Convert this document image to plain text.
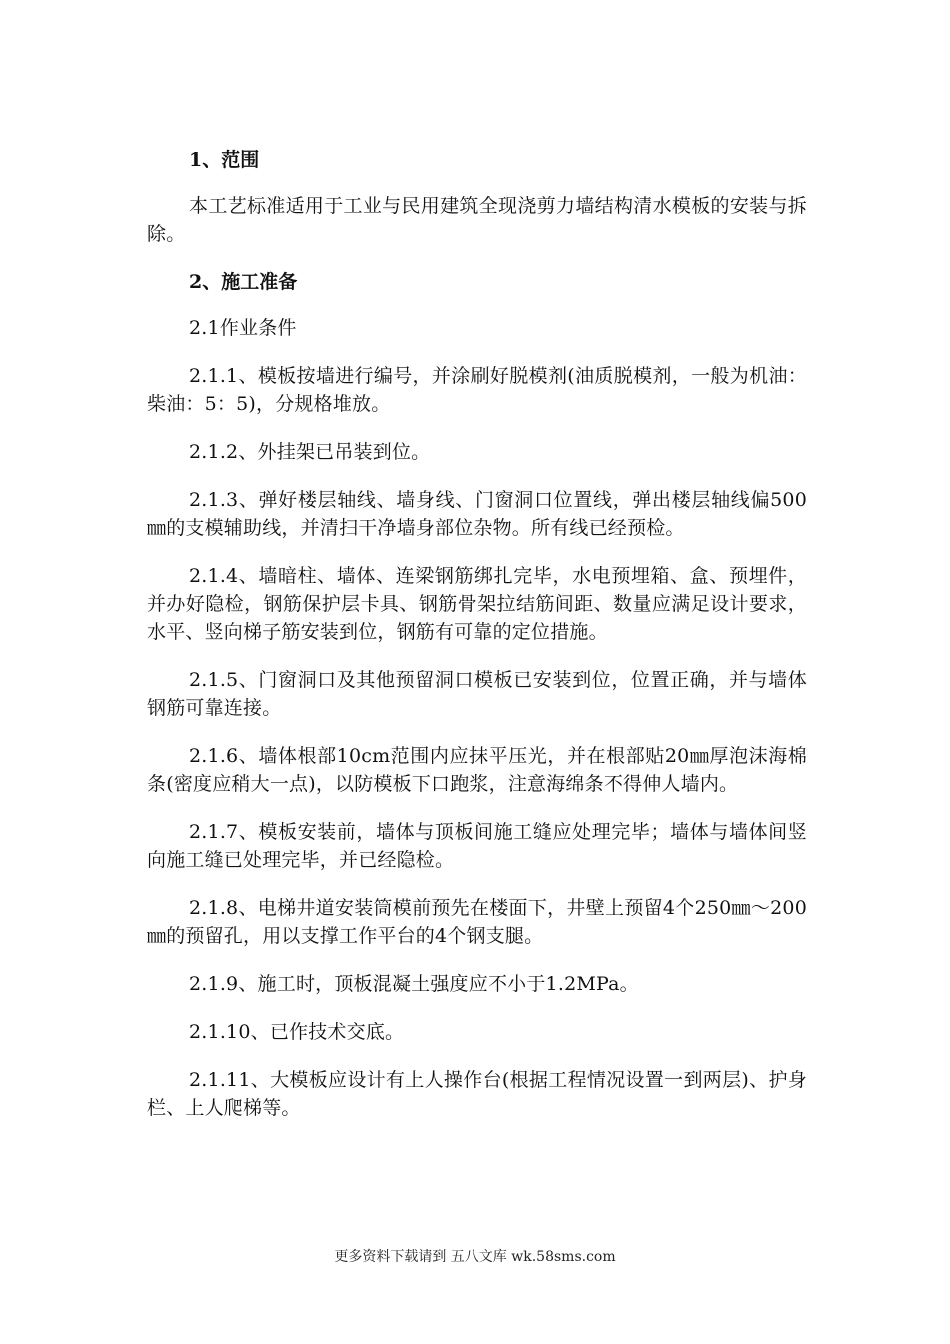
1、范围
本工艺标准适用于工业与民用建筑全现浇剪力墙结构清水模板的安装与拆除。
2、施工准备
2.1作业条件
2.1.1、模板按墙进行编号，并涂刷好脱模剂(油质脱模剂，一般为机油：柴油：5：5)，分规格堆放。
2.1.2、外挂架已吊装到位。
2.1.3、弹好楼层轴线、墙身线、门窗洞口位置线，弹出楼层轴线偏500㎜的支模辅助线，并清扫干净墙身部位杂物。所有线已经预检。
2.1.4、墙暗柱、墙体、连梁钢筋绑扎完毕，水电预埋箱、盒、预埋件，并办好隐检，钢筋保护层卡具、钢筋骨架拉结筋间距、数量应满足设计要求，水平、竖向梯子筋安装到位，钢筋有可靠的定位措施。
2.1.5、门窗洞口及其他预留洞口模板已安装到位，位置正确，并与墙体钢筋可靠连接。
2.1.6、墙体根部10cm范围内应抹平压光，并在根部贴20㎜厚泡沫海棉条(密度应稍大一点)，以防模板下口跑浆，注意海绵条不得伸人墙内。
2.1.7、模板安装前，墙体与顶板间施工缝应处理完毕；墙体与墙体间竖向施工缝已处理完毕，并已经隐检。
2.1.8、电梯井道安装筒模前预先在楼面下，井壁上预留4个250㎜～200㎜的预留孔，用以支撑工作平台的4个钢支腿。
2.1.9、施工时，顶板混凝土强度应不小于1.2MPa。
2.1.10、已作技术交底。
2.1.11、大模板应设计有上人操作台(根据工程情况设置一到两层)、护身栏、上人爬梯等。
更多资料下载请到 五八文库 wk.58sms.com
